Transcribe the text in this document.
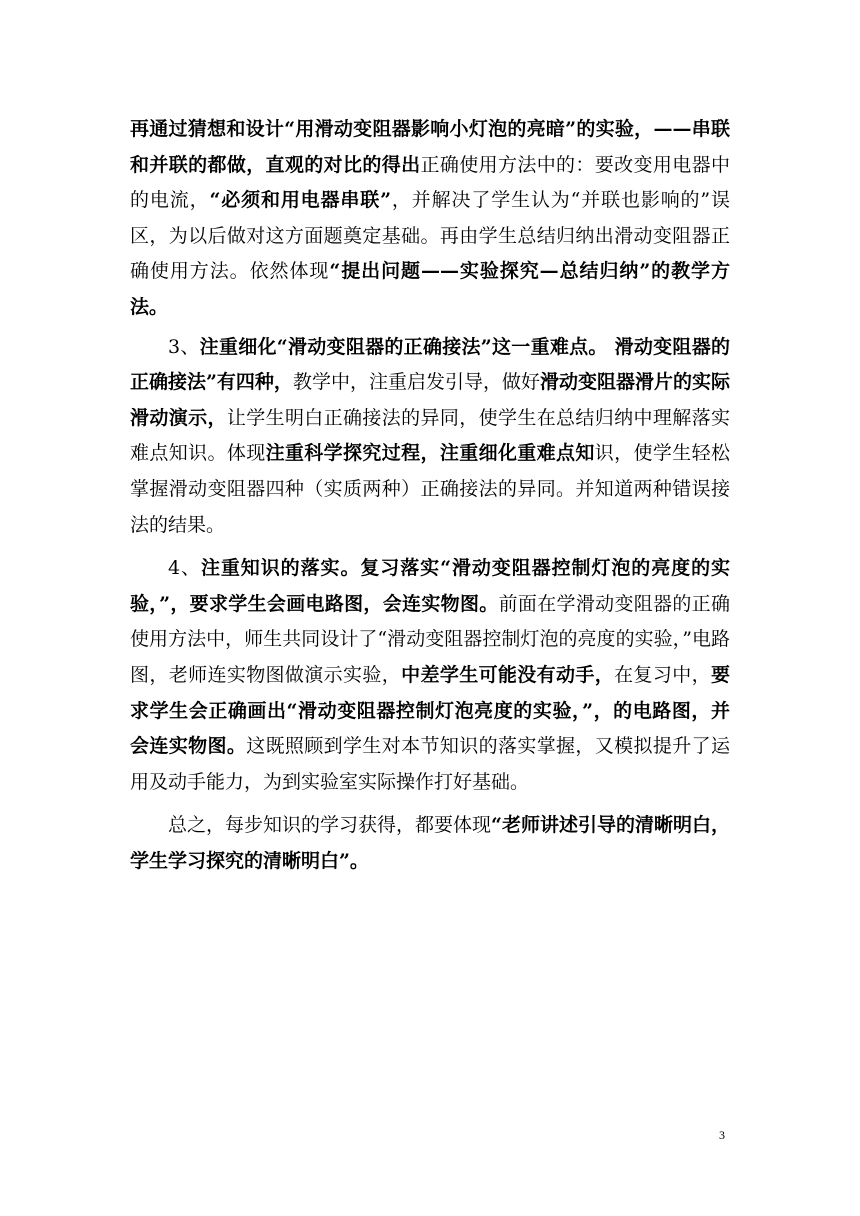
再通过猜想和设计“用滑动变阻器影响小灯泡的亮暗”的实验，——串联和并联的都做，直观的对比的得出正确使用方法中的：要改变用电器中的电流，“必须和用电器串联”，并解决了学生认为“并联也影响的”误区，为以后做对这方面题奠定基础。再由学生总结归纳出滑动变阻器正确使用方法。依然体现“提出问题——实验探究—总结归纳”的教学方法。

3、注重细化“滑动变阻器的正确接法”这一重难点。 滑动变阻器的正确接法”有四种，教学中，注重启发引导，做好滑动变阻器滑片的实际滑动演示，让学生明白正确接法的异同，使学生在总结归纳中理解落实难点知识。体现注重科学探究过程，注重细化重难点知识，使学生轻松掌握滑动变阻器四种（实质两种）正确接法的异同。并知道两种错误接法的结果。

4、注重知识的落实。复习落实“滑动变阻器控制灯泡的亮度的实验，”，要求学生会画电路图，会连实物图。前面在学滑动变阻器的正确使用方法中，师生共同设计了“滑动变阻器控制灯泡的亮度的实验，”电路图，老师连实物图做演示实验，中差学生可能没有动手，在复习中，要求学生会正确画出“滑动变阻器控制灯泡亮度的实验，”，的电路图，并会连实物图。这既照顾到学生对本节知识的落实掌握，又模拟提升了运用及动手能力，为到实验室实际操作打好基础。

总之，每步知识的学习获得，都要体现“老师讲述引导的清晰明白，学生学习探究的清晰明白”。

3
